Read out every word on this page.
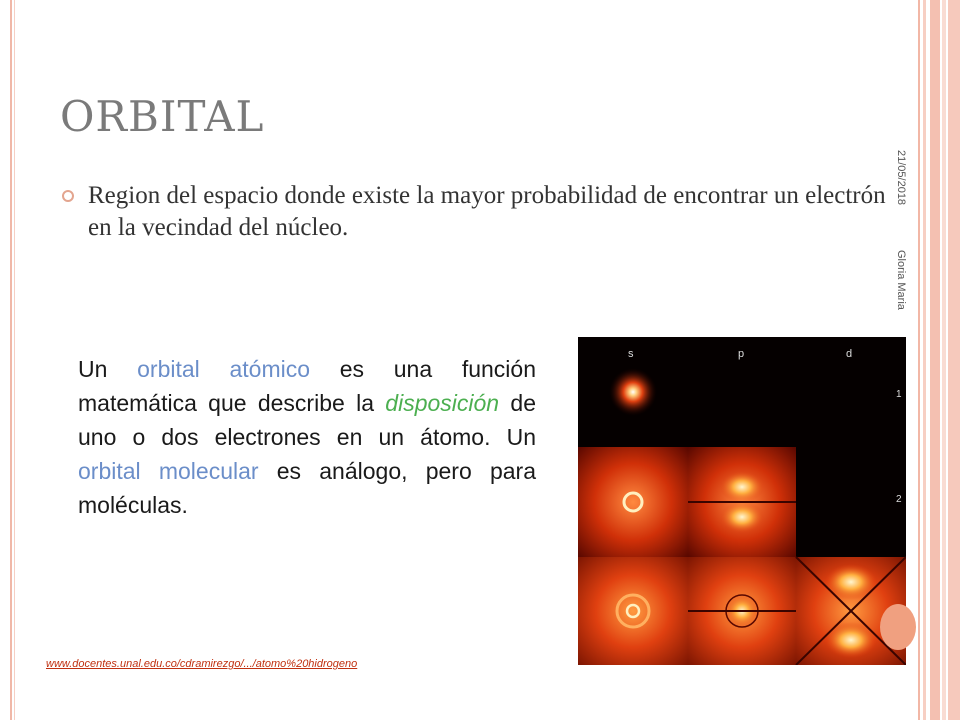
ORBITAL
Region del espacio donde existe la mayor probabilidad de encontrar un electrón en la vecindad del núcleo.
21/05/2018
Gloria Maria
Un orbital atómico es una función matemática que describe la disposición de uno o dos electrones en un átomo. Un orbital molecular es análogo, pero para moléculas.
s	p	d
1
2
www.docentes.unal.edu.co/cdramirezgo/.../atomo%20hidrogeno
